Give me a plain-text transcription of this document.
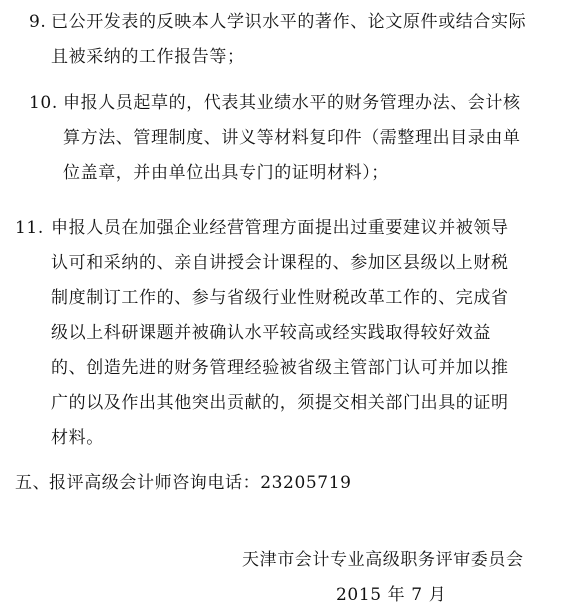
9. 已公开发表的反映本人学识水平的著作、论文原件或结合实际
且被采纳的工作报告等；
10. 申报人员起草的，代表其业绩水平的财务管理办法、会计核
算方法、管理制度、讲义等材料复印件（需整理出目录由单
位盖章，并由单位出具专门的证明材料）；
11. 申报人员在加强企业经营管理方面提出过重要建议并被领导
认可和采纳的、亲自讲授会计课程的、参加区县级以上财税
制度制订工作的、参与省级行业性财税改革工作的、完成省
级以上科研课题并被确认水平较高或经实践取得较好效益
的、创造先进的财务管理经验被省级主管部门认可并加以推
广的以及作出其他突出贡献的，须提交相关部门出具的证明
材料。
五、
报评高级会计师咨询电话：23205719
天津市会计专业高级职务评审委员会
2015 年 7 月
